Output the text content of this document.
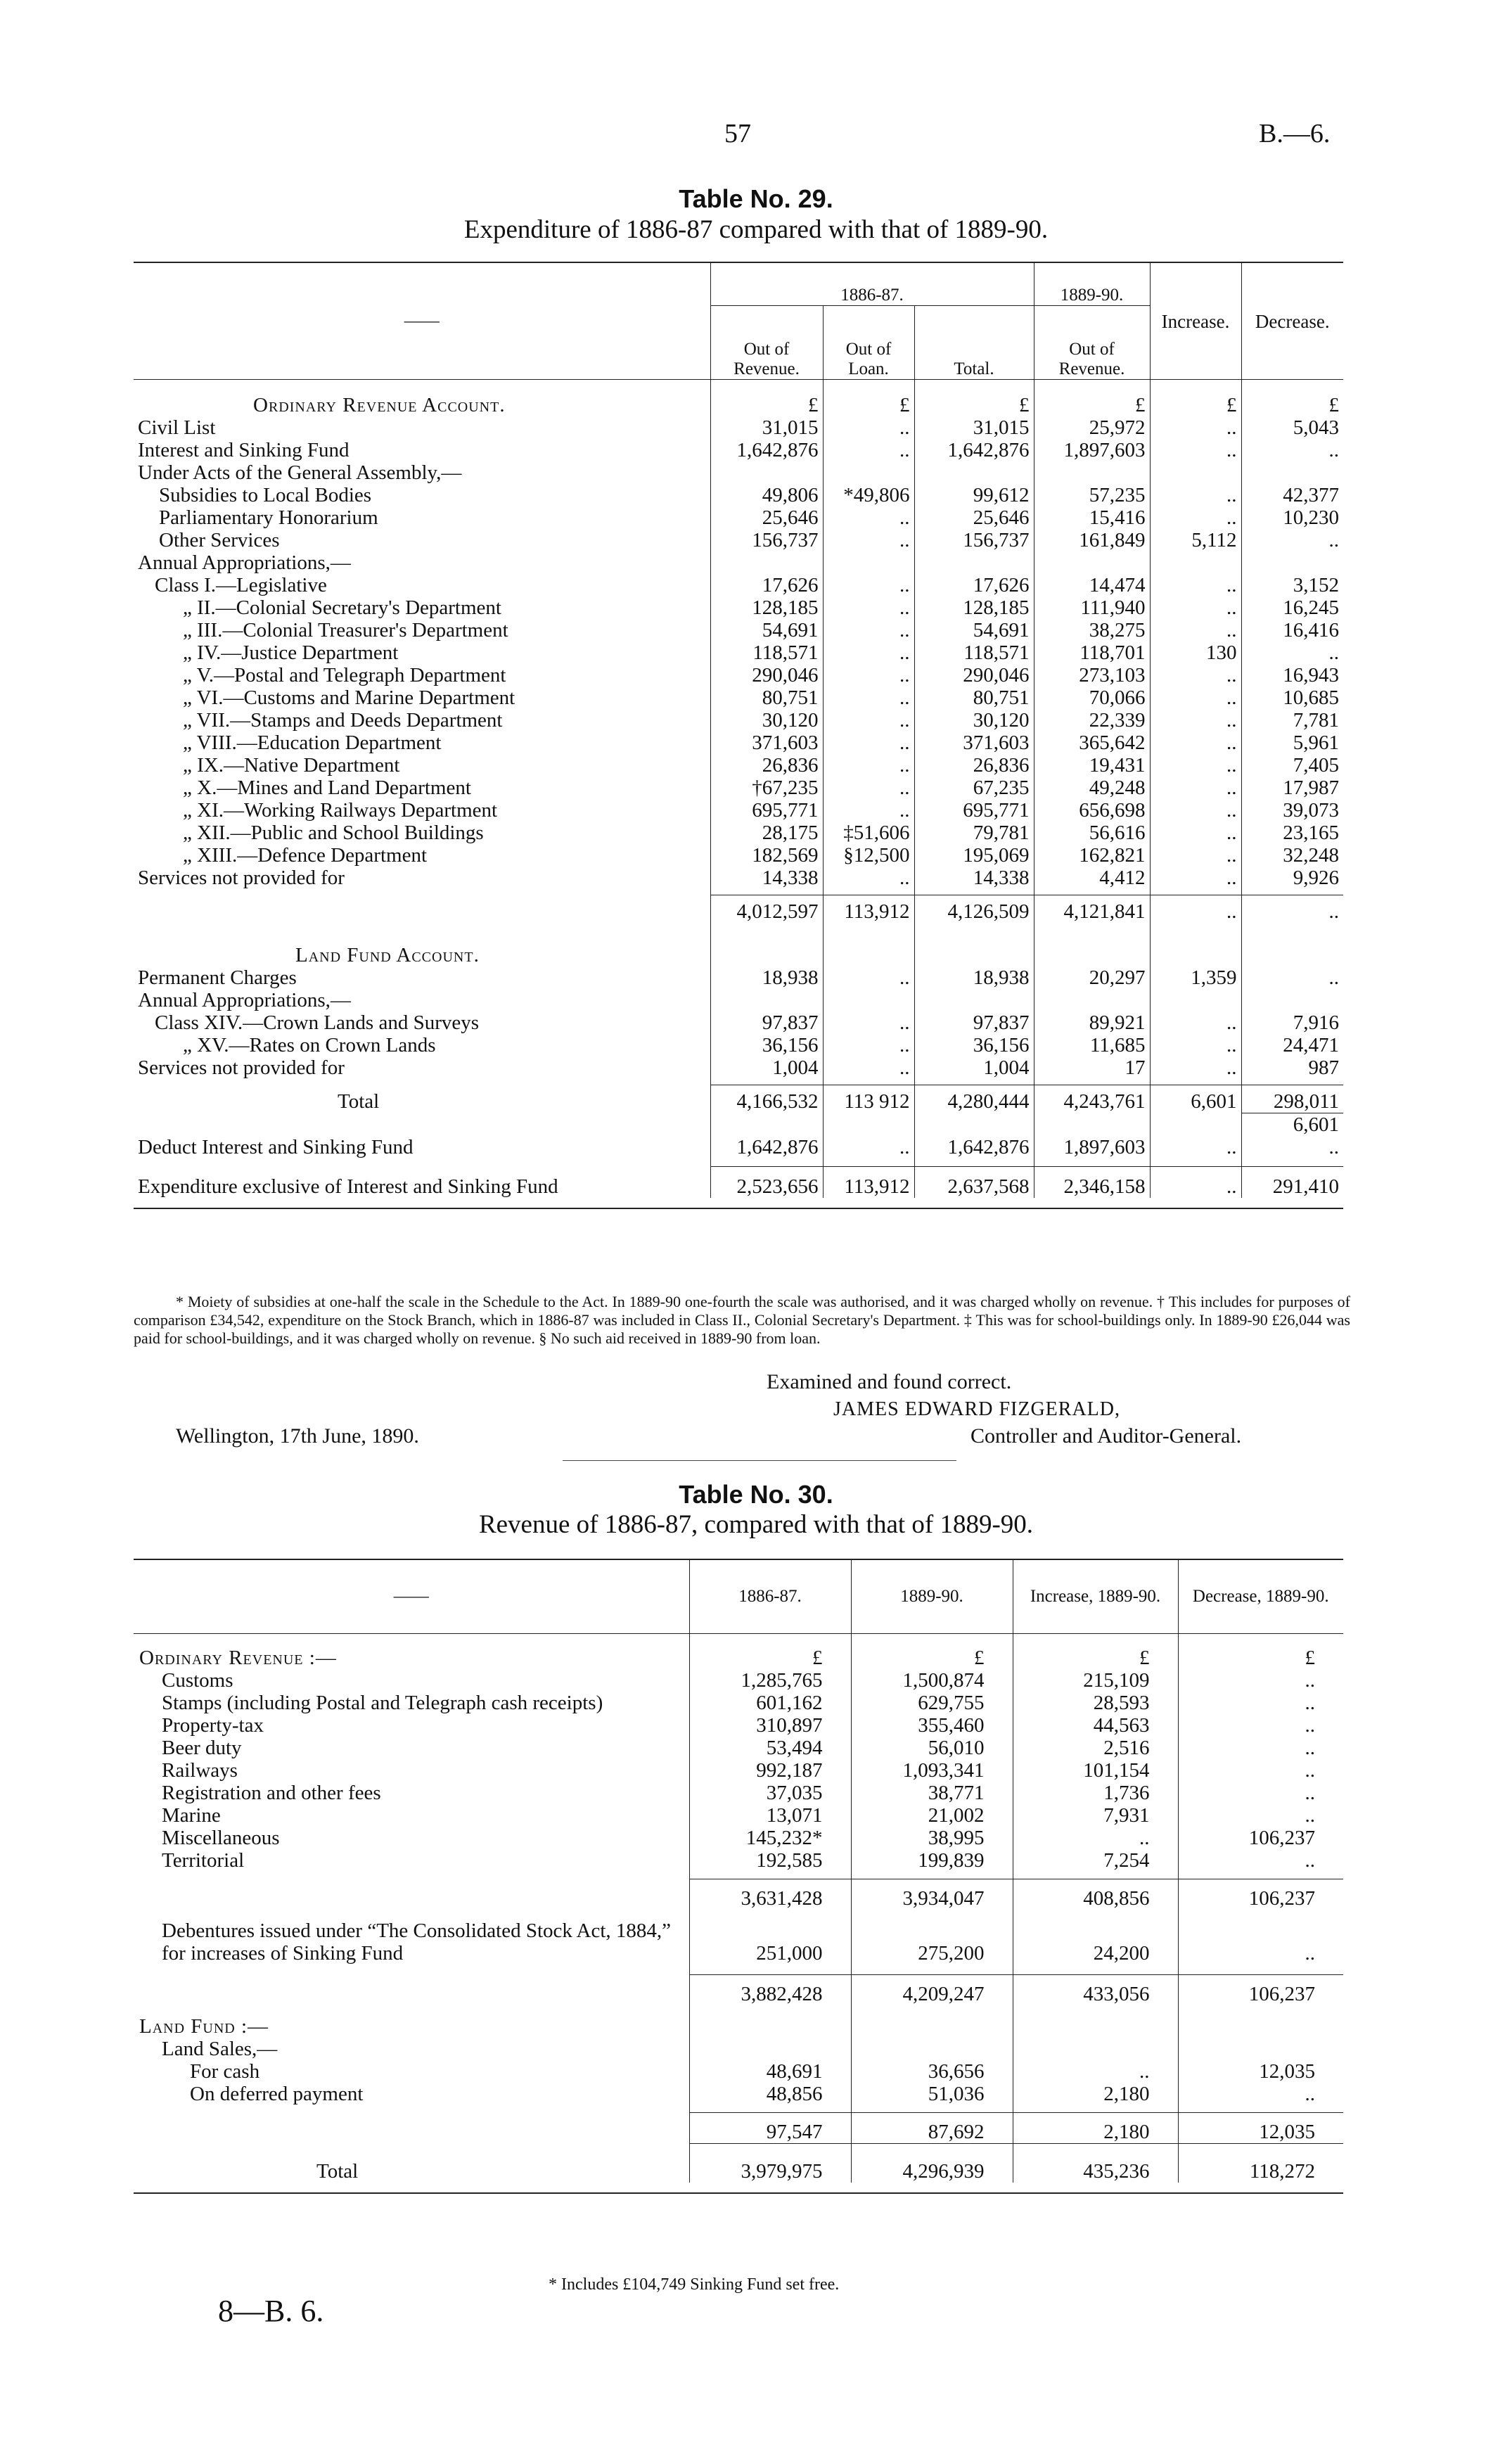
57	B.—6.
Table No. 29.
Expenditure of 1886-87 compared with that of 1889-90.
——	1886-87.			1889-90.	Increase.	Decrease.
	Out of Revenue.	Out of Loan.	Total.	Out of Revenue.		

Ordinary Revenue Account.	£	£	£	£	£	£
Civil List	31,015	..	31,015	25,972	..	5,043
Interest and Sinking Fund	1,642,876	..	1,642,876	1,897,603	..	..
Under Acts of the General Assembly,—						
Subsidies to Local Bodies	49,806	*49,806	99,612	57,235	..	42,377
Parliamentary Honorarium	25,646	..	25,646	15,416	..	10,230
Other Services	156,737	..	156,737	161,849	5,112	..
Annual Appropriations,—						
Class I.—Legislative	17,626	..	17,626	14,474	..	3,152
„ II.—Colonial Secretary's Department	128,185	..	128,185	111,940	..	16,245
„ III.—Colonial Treasurer's Department	54,691	..	54,691	38,275	..	16,416
„ IV.—Justice Department	118,571	..	118,571	118,701	130	..
„ V.—Postal and Telegraph Department	290,046	..	290,046	273,103	..	16,943
„ VI.—Customs and Marine Department	80,751	..	80,751	70,066	..	10,685
„ VII.—Stamps and Deeds Department	30,120	..	30,120	22,339	..	7,781
„ VIII.—Education Department	371,603	..	371,603	365,642	..	5,961
„ IX.—Native Department	26,836	..	26,836	19,431	..	7,405
„ X.—Mines and Land Department	†67,235	..	67,235	49,248	..	17,987
„ XI.—Working Railways Department	695,771	..	695,771	656,698	..	39,073
„ XII.—Public and School Buildings	28,175	‡51,606	79,781	56,616	..	23,165
„ XIII.—Defence Department	182,569	§12,500	195,069	162,821	..	32,248
Services not provided for	14,338	..	14,338	4,412	..	9,926

	4,012,597	113,912	4,126,509	4,121,841	..	..

Land Fund Account.						
Permanent Charges	18,938	..	18,938	20,297	1,359	..
Annual Appropriations,—						
Class XIV.—Crown Lands and Surveys	97,837	..	97,837	89,921	..	7,916
„ XV.—Rates on Crown Lands	36,156	..	36,156	11,685	..	24,471
Services not provided for	1,004	..	1,004	17	..	987

Total	4,166,532	113 912	4,280,444	4,243,761	6,601	298,011
						6,601
Deduct Interest and Sinking Fund	1,642,876	..	1,642,876	1,897,603	..	..

Expenditure exclusive of Interest and Sinking Fund	2,523,656	113,912	2,637,568	2,346,158	..	291,410

* Moiety of subsidies at one-half the scale in the Schedule to the Act. In 1889-90 one-fourth the scale was authorised, and it was charged wholly on revenue. † This includes for purposes of comparison £34,542, expenditure on the Stock Branch, which in 1886-87 was included in Class II., Colonial Secretary's Department. ‡ This was for school-buildings only. In 1889-90 £26,044 was paid for school-buildings, and it was charged wholly on revenue. § No such aid received in 1889-90 from loan.
Examined and found correct.
JAMES EDWARD FIZGERALD,
Controller and Auditor-General.
Wellington, 17th June, 1890.
Table No. 30.
Revenue of 1886-87, compared with that of 1889-90.
——	1886-87.	1889-90.	Increase, 1889-90.	Decrease, 1889-90.

Ordinary Revenue :—	£	£	£	£
Customs	1,285,765	1,500,874	215,109	..
Stamps (including Postal and Telegraph cash receipts)	601,162	629,755	28,593	..
Property-tax	310,897	355,460	44,563	..
Beer duty	53,494	56,010	2,516	..
Railways	992,187	1,093,341	101,154	..
Registration and other fees	37,035	38,771	1,736	..
Marine	13,071	21,002	7,931	..
Miscellaneous	145,232*	38,995	..	106,237
Territorial	192,585	199,839	7,254	..

	3,631,428	3,934,047	408,856	106,237

Debentures issued under “The Consolidated Stock Act, 1884,” for increases of Sinking Fund	251,000	275,200	24,200	..

	3,882,428	4,209,247	433,056	106,237

Land Fund :—				
Land Sales,—				
For cash	48,691	36,656	..	12,035
On deferred payment	48,856	51,036	2,180	..

	97,547	87,692	2,180	12,035
Total	3,979,975	4,296,939	435,236	118,272

* Includes £104,749 Sinking Fund set free.
8—B. 6.
